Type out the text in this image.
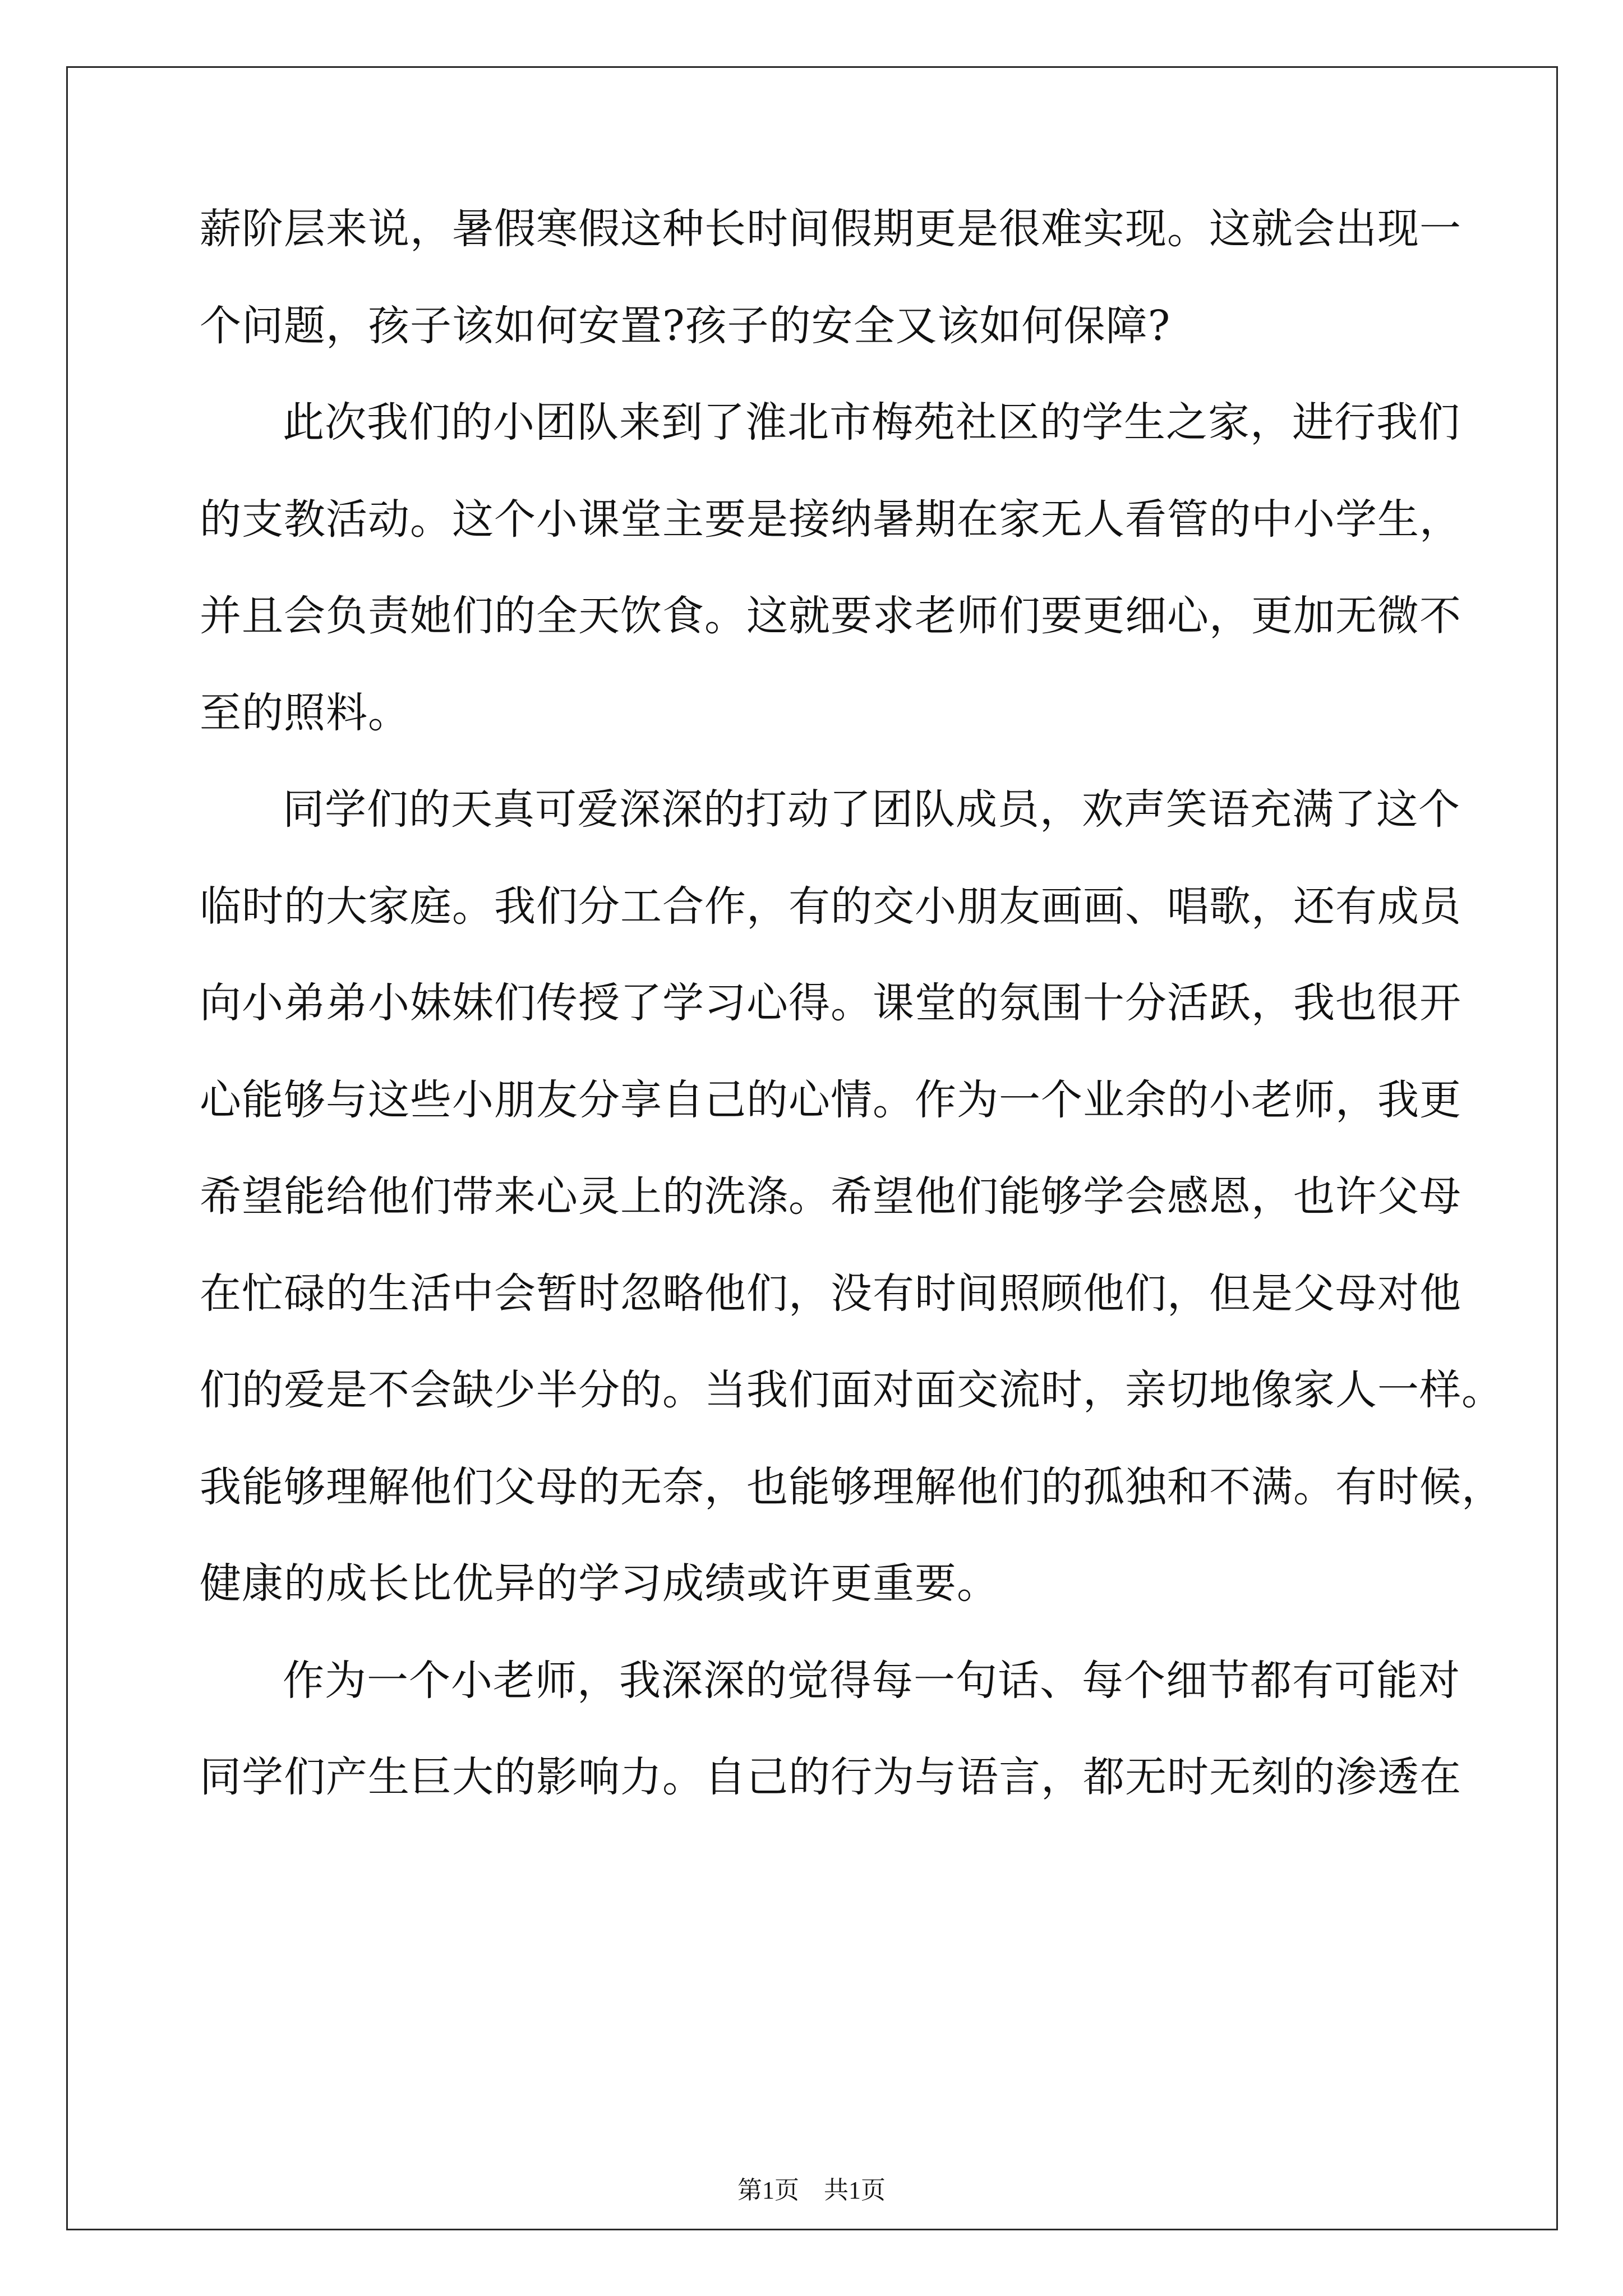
薪阶层来说，暑假寒假这种长时间假期更是很难实现。这就会出现一
个问题，孩子该如何安置?孩子的安全又该如何保障?
此次我们的小团队来到了淮北市梅苑社区的学生之家，进行我们
的支教活动。这个小课堂主要是接纳暑期在家无人看管的中小学生，
并且会负责她们的全天饮食。这就要求老师们要更细心，更加无微不
至的照料。
同学们的天真可爱深深的打动了团队成员，欢声笑语充满了这个
临时的大家庭。我们分工合作，有的交小朋友画画、唱歌，还有成员
向小弟弟小妹妹们传授了学习心得。课堂的氛围十分活跃，我也很开
心能够与这些小朋友分享自己的心情。作为一个业余的小老师，我更
希望能给他们带来心灵上的洗涤。希望他们能够学会感恩，也许父母
在忙碌的生活中会暂时忽略他们，没有时间照顾他们，但是父母对他
们的爱是不会缺少半分的。当我们面对面交流时，亲切地像家人一样。
我能够理解他们父母的无奈，也能够理解他们的孤独和不满。有时候，
健康的成长比优异的学习成绩或许更重要。
作为一个小老师，我深深的觉得每一句话、每个细节都有可能对
同学们产生巨大的影响力。自己的行为与语言，都无时无刻的渗透在
第1页 共1页
